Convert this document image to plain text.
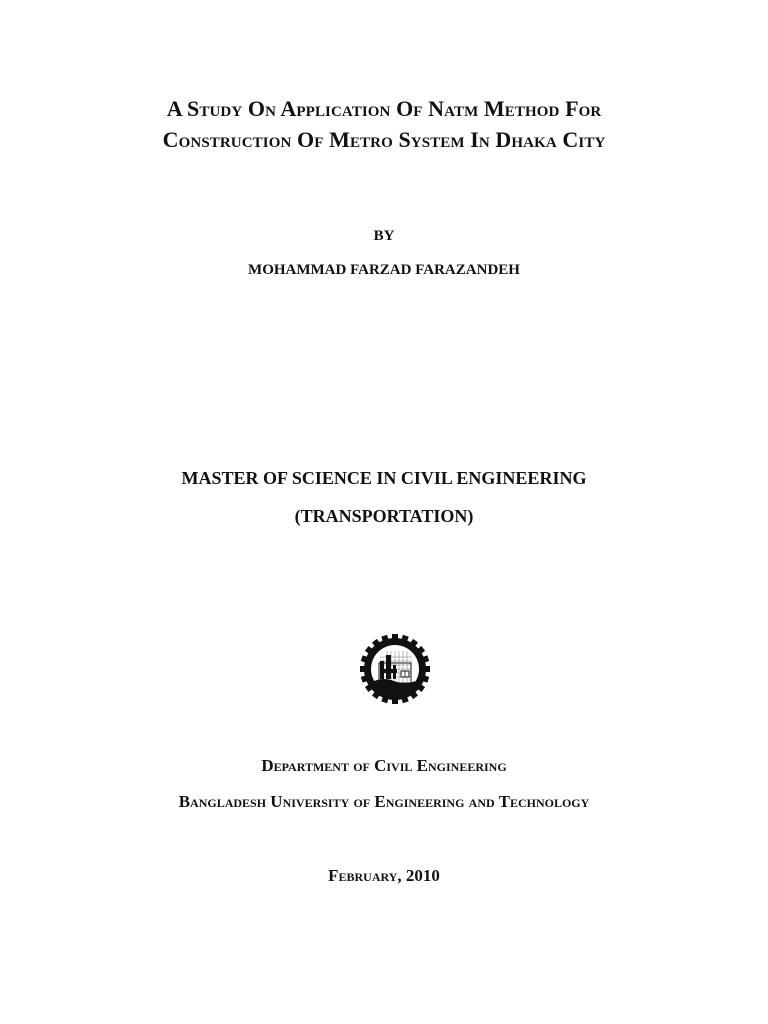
A Study On Application Of Natm Method For
Construction Of Metro System In Dhaka City
BY
MOHAMMAD FARZAD FARAZANDEH
MASTER OF SCIENCE IN CIVIL ENGINEERING
(TRANSPORTATION)
Department of Civil Engineering
Bangladesh University of Engineering and Technology
February, 2010
